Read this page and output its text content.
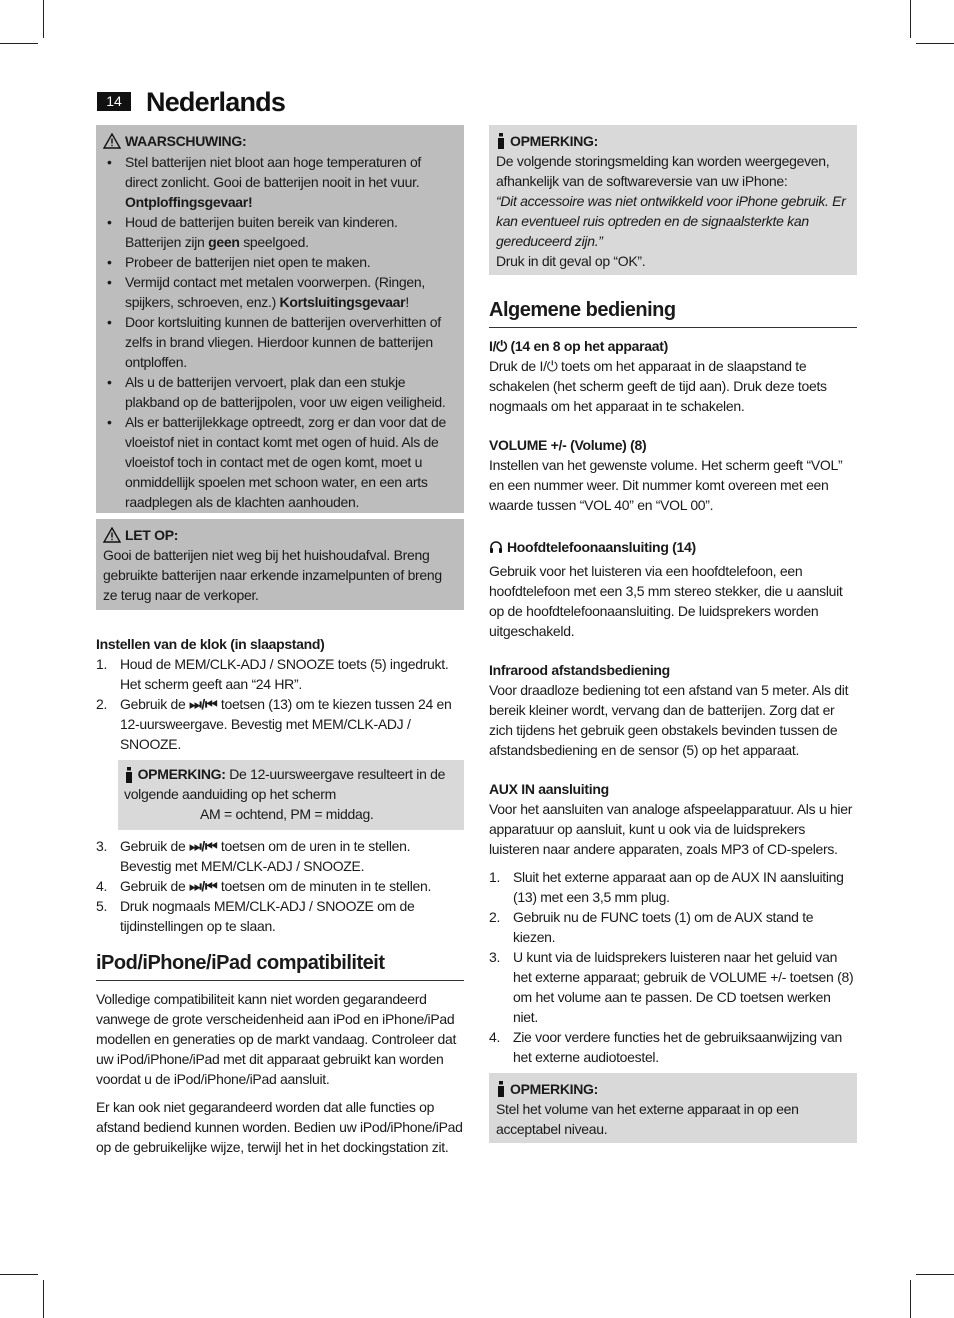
14 Nederlands
WAARSCHUWING:
• Stel batterijen niet bloot aan hoge temperaturen of direct zonlicht. Gooi de batterijen nooit in het vuur. Ontploffingsgevaar!
• Houd de batterijen buiten bereik van kinderen. Batterijen zijn geen speelgoed.
• Probeer de batterijen niet open te maken.
• Vermijd contact met metalen voorwerpen. (Ringen, spijkers, schroeven, enz.) Kortsluitingsgevaar!
• Door kortsluiting kunnen de batterijen oververhitten of zelfs in brand vliegen. Hierdoor kunnen de batterijen ontploffen.
• Als u de batterijen vervoert, plak dan een stukje plakband op de batterijpolen, voor uw eigen veiligheid.
• Als er batterijlekkage optreedt, zorg er dan voor dat de vloeistof niet in contact komt met ogen of huid. Als de vloeistof toch in contact met de ogen komt, moet u onmiddellijk spoelen met schoon water, en een arts raadplegen als de klachten aanhouden.
LET OP:
Gooi de batterijen niet weg bij het huishoudafval. Breng gebruikte batterijen naar erkende inzamelpunten of breng ze terug naar de verkoper.
Instellen van de klok (in slaapstand)
1. Houd de MEM/CLK-ADJ / SNOOZE toets (5) ingedrukt. Het scherm geeft aan “24 HR”.
2. Gebruik de ⏭/⏮ toetsen (13) om te kiezen tussen 24 en 12-uursweergave. Bevestig met MEM/CLK-ADJ / SNOOZE.
OPMERKING: De 12-uursweergave resulteert in de volgende aanduiding op het scherm
AM = ochtend, PM = middag.
3. Gebruik de ⏭/⏮ toetsen om de uren in te stellen. Bevestig met MEM/CLK-ADJ / SNOOZE.
4. Gebruik de ⏭/⏮ toetsen om de minuten in te stellen.
5. Druk nogmaals MEM/CLK-ADJ / SNOOZE om de tijdinstellingen op te slaan.
iPod/iPhone/iPad compatibiliteit

Volledige compatibiliteit kann niet worden gegarandeerd vanwege de grote verscheidenheid aan iPod en iPhone/iPad modellen en generaties op de markt vandaag. Controleer dat uw iPod/iPhone/iPad met dit apparaat gebruikt kan worden voordat u de iPod/iPhone/iPad aansluit.

Er kan ook niet gegarandeerd worden dat alle functies op afstand bediend kunnen worden. Bedien uw iPod/iPhone/iPad op de gebruikelijke wijze, terwijl het in het dockingstation zit.

OPMERKING:
De volgende storingsmelding kan worden weergegeven, afhankelijk van de softwareversie van uw iPhone:
“Dit accessoire was niet ontwikkeld voor iPhone gebruik. Er kan eventueel ruis optreden en de signaalsterkte kan gereduceerd zijn.”
Druk in dit geval op “OK”.
Algemene bediening
I/⏻ (14 en 8 op het apparaat)

Druk de I/⏻ toets om het apparaat in de slaapstand te schakelen (het scherm geeft de tijd aan). Druk deze toets nogmaals om het apparaat in te schakelen.

VOLUME +/- (Volume) (8)

Instellen van het gewenste volume. Het scherm geeft “VOL” en een nummer weer. Dit nummer komt overeen met een waarde tussen “VOL 40” en “VOL 00”.

Hoofdtelefoonaansluiting (14)

Gebruik voor het luisteren via een hoofdtelefoon, een hoofdtelefoon met een 3,5 mm stereo stekker, die u aansluit op de hoofdtelefoonaansluiting. De luidsprekers worden uitgeschakeld.

Infrarood afstandsbediening

Voor draadloze bediening tot een afstand van 5 meter. Als dit bereik kleiner wordt, vervang dan de batterijen. Zorg dat er zich tijdens het gebruik geen obstakels bevinden tussen de afstandsbediening en de sensor (5) op het apparaat.

AUX IN aansluiting

Voor het aansluiten van analoge afspeelapparatuur. Als u hier apparatuur op aansluit, kunt u ook via de luidsprekers luisteren naar andere apparaten, zoals MP3 of CD-spelers.

1. Sluit het externe apparaat aan op de AUX IN aansluiting (13) met een 3,5 mm plug.
2. Gebruik nu de FUNC toets (1) om de AUX stand te kiezen.
3. U kunt via de luidsprekers luisteren naar het geluid van het externe apparaat; gebruik de VOLUME +/- toetsen (8) om het volume aan te passen. De CD toetsen werken niet.
4. Zie voor verdere functies het de gebruiksaanwijzing van het externe audiotoestel.
OPMERKING:
Stel het volume van het externe apparaat in op een acceptabel niveau.
